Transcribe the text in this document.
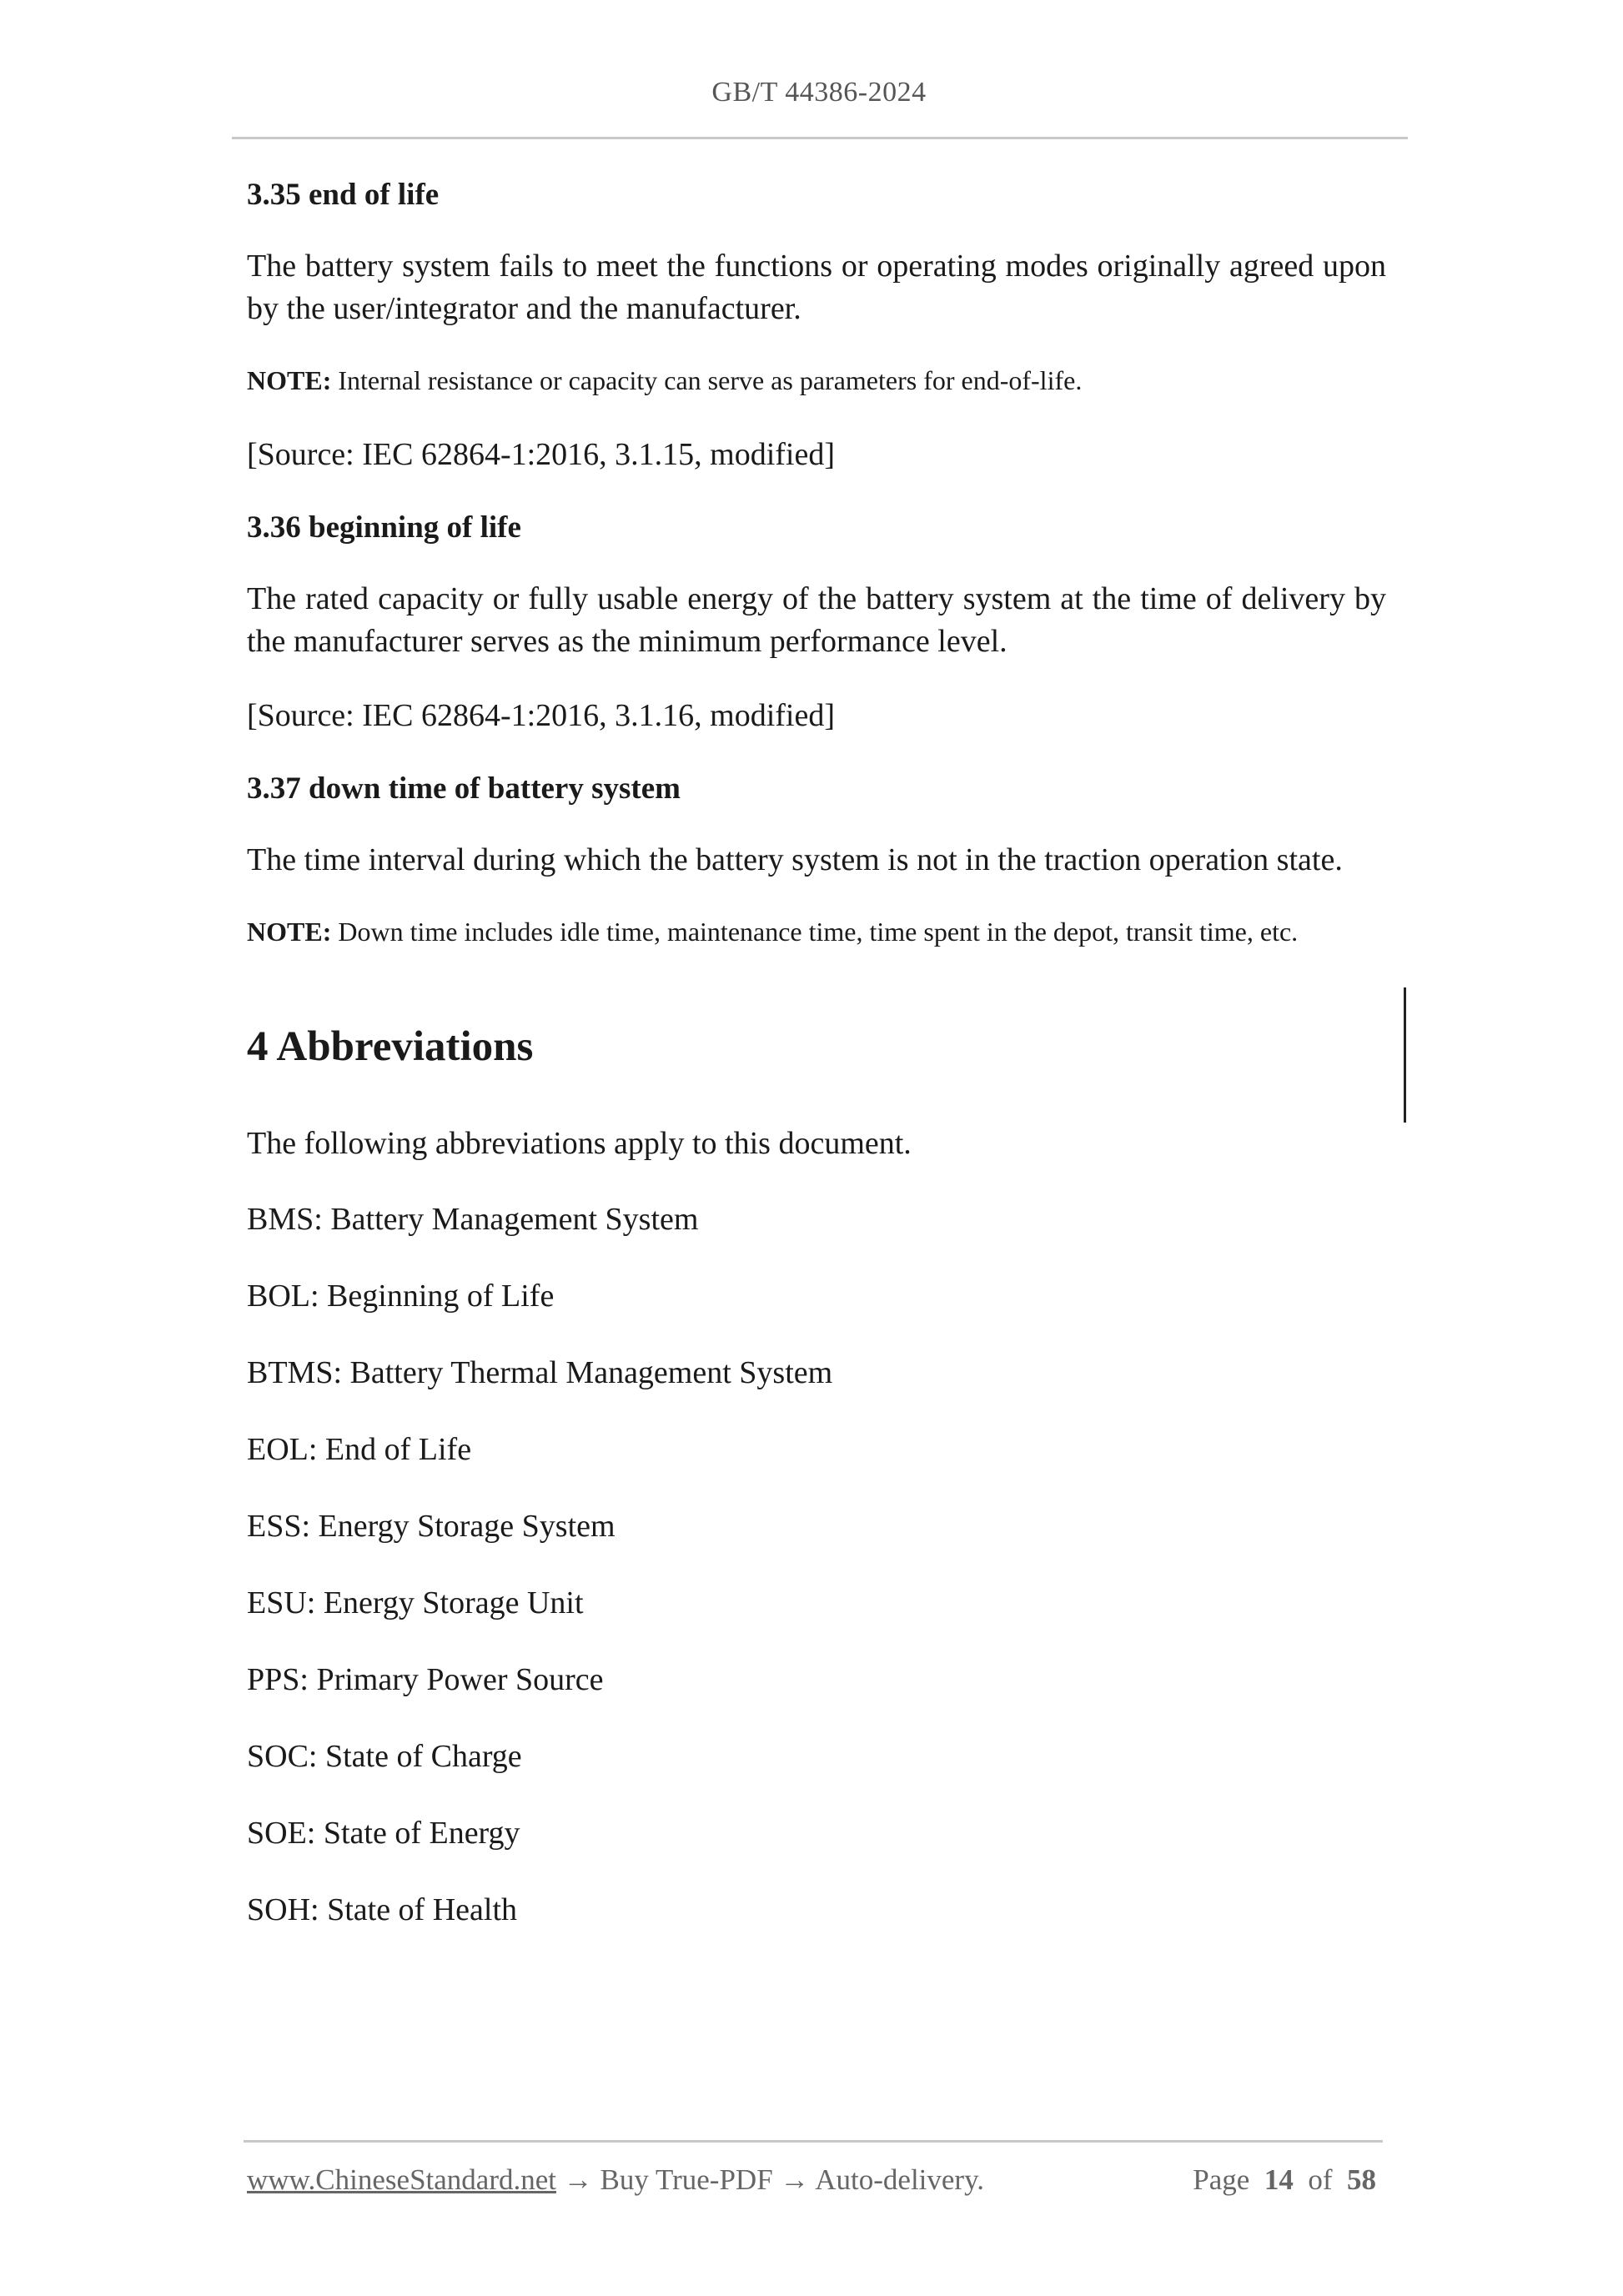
GB/T 44386-2024
3.35 end of life

The battery system fails to meet the functions or operating modes originally agreed upon by the user/integrator and the manufacturer.

NOTE: Internal resistance or capacity can serve as parameters for end-of-life.

[Source: IEC 62864-1:2016, 3.1.15, modified]

3.36 beginning of life

The rated capacity or fully usable energy of the battery system at the time of delivery by the manufacturer serves as the minimum performance level.

[Source: IEC 62864-1:2016, 3.1.16, modified]

3.37 down time of battery system

The time interval during which the battery system is not in the traction operation state.

NOTE: Down time includes idle time, maintenance time, time spent in the depot, transit time, etc.

4 Abbreviations

The following abbreviations apply to this document.

BMS: Battery Management System

BOL: Beginning of Life

BTMS: Battery Thermal Management System

EOL: End of Life

ESS: Energy Storage System

ESU: Energy Storage Unit

PPS: Primary Power Source

SOC: State of Charge

SOE: State of Energy

SOH: State of Health

www.ChineseStandard.net → Buy True-PDF → Auto-delivery.	Page 14 of 58
